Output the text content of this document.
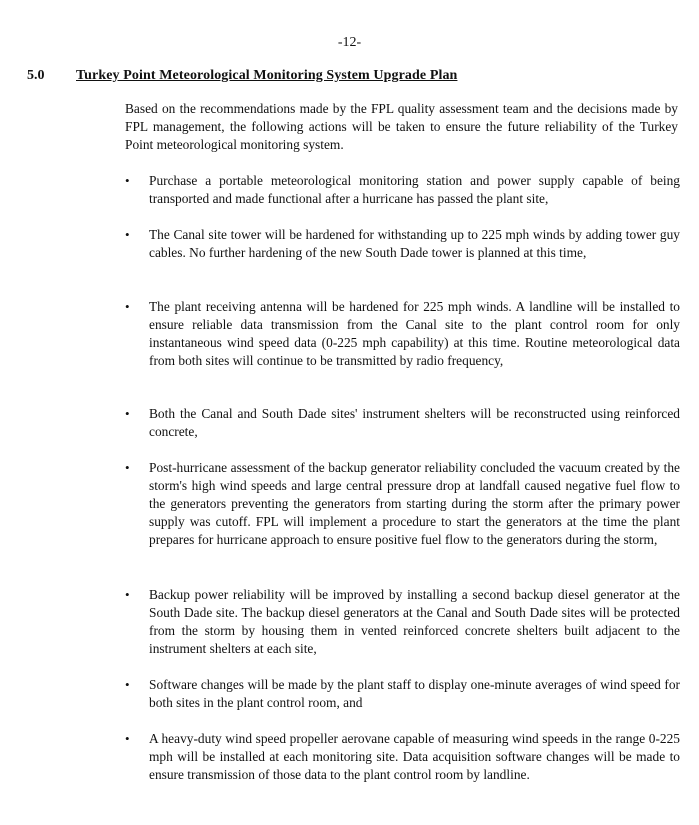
-12-
5.0 Turkey Point Meteorological Monitoring System Upgrade Plan

Based on the recommendations made by the FPL quality assessment team and the decisions made by FPL management, the following actions will be taken to ensure the future reliability of the Turkey Point meteorological monitoring system.

• Purchase a portable meteorological monitoring station and power supply capable of being transported and made functional after a hurricane has passed the plant site,

• The Canal site tower will be hardened for withstanding up to 225 mph winds by adding tower guy cables. No further hardening of the new South Dade tower is planned at this time,

• The plant receiving antenna will be hardened for 225 mph winds. A landline will be installed to ensure reliable data transmission from the Canal site to the plant control room for only instantaneous wind speed data (0-225 mph capability) at this time. Routine meteorological data from both sites will continue to be transmitted by radio frequency,

• Both the Canal and South Dade sites' instrument shelters will be reconstructed using reinforced concrete,

• Post-hurricane assessment of the backup generator reliability concluded the vacuum created by the storm's high wind speeds and large central pressure drop at landfall caused negative fuel flow to the generators preventing the generators from starting during the storm after the primary power supply was cutoff. FPL will implement a procedure to start the generators at the time the plant prepares for hurricane approach to ensure positive fuel flow to the generators during the storm,

• Backup power reliability will be improved by installing a second backup diesel generator at the South Dade site. The backup diesel generators at the Canal and South Dade sites will be protected from the storm by housing them in vented reinforced concrete shelters built adjacent to the instrument shelters at each site,

• Software changes will be made by the plant staff to display one-minute averages of wind speed for both sites in the plant control room, and

• A heavy-duty wind speed propeller aerovane capable of measuring wind speeds in the range 0-225 mph will be installed at each monitoring site. Data acquisition software changes will be made to ensure transmission of those data to the plant control room by landline.
